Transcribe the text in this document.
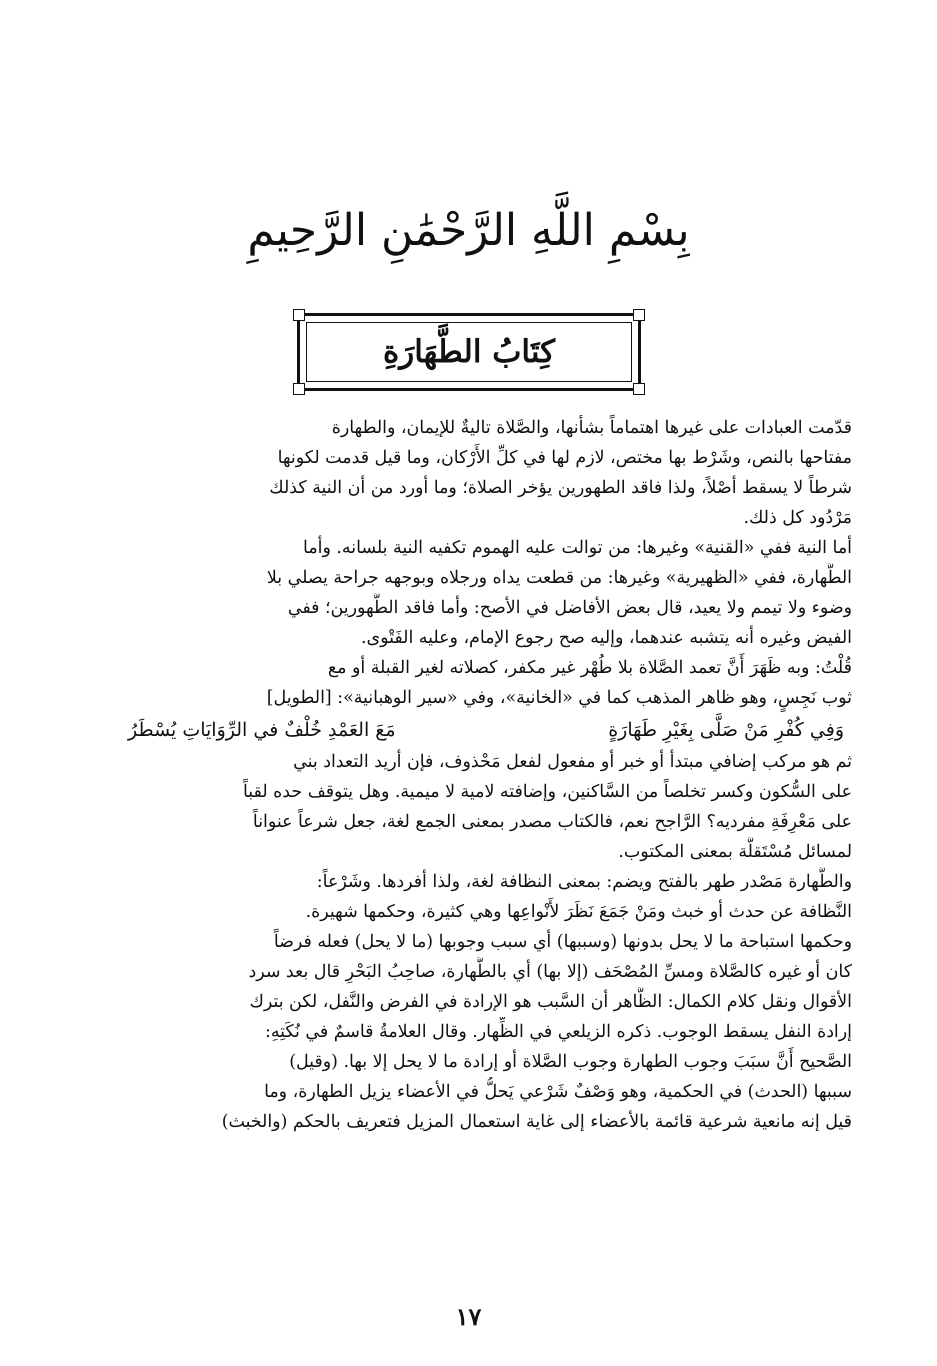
بِسْمِ اللَّهِ الرَّحْمَٰنِ الرَّحِيمِ
كِتَابُ الطَّهَارَةِ
قدّمت العبادات على غيرها اهتماماً بشأنها، والصَّلاة تاليةٌ للإيمان، والطهارة
مفتاحها بالنص، وشَرْط بها مختص، لازم لها في كلِّ الأَرْكان، وما قيل قدمت لكونها
شرطاً لا يسقط أصْلاً، ولذا فاقد الطهورين يؤخر الصلاة؛ وما أورد من أن النية كذلك
مَرْدُود كل ذلك.
أما النية ففي «القنية» وغيرها: من توالت عليه الهموم تكفيه النية بلسانه. وأما
الطَّهارة، ففي «الظهيرية» وغيرها: من قطعت يداه ورجلاه وبوجهه جراحة يصلي بلا
وضوء ولا تيمم ولا يعيد، قال بعض الأفاضل في الأصح: وأما فاقد الطَّهورين؛ ففي
الفيض وغيره أنه يتشبه عندهما، وإليه صح رجوع الإمام، وعليه الفَتْوى.
قُلْتُ: وبه ظَهَرَ أَنَّ تعمد الصَّلاة بلا طُهْر غير مكفر، كصلاته لغير القبلة أو مع
ثوب نَجِسٍ، وهو ظاهر المذهب كما في «الخانية»، وفي «سير الوهبانية»: [الطويل]
وَفِي كُفْرِ مَنْ صَلَّى بِغَيْرِ طَهَارَةٍ
مَعَ العَمْدِ خُلْفٌ في الرِّوَايَاتِ يُسْطَرُ
ثم هو مركب إضافي مبتدأ أو خبر أو مفعول لفعل مَحْذوف، فإن أريد التعداد بني
على السُّكون وكسر تخلصاً من السَّاكنين، وإضافته لامية لا ميمية. وهل يتوقف حده لقباً
على مَعْرِفَةِ مفرديه؟ الرَّاجح نعم، فالكتاب مصدر بمعنى الجمع لغة، جعل شرعاً عنواناً
لمسائل مُسْتَقلَّة بمعنى المكتوب.
والطَّهارة مَصْدر طهر بالفتح ويضم: بمعنى النظافة لغة، ولذا أفردها. وشَرْعاً:
النَّظافة عن حدث أو خبث ومَنْ جَمَعَ نَظَرَ لأَنْواعِها وهي كثيرة، وحكمها شهيرة.
وحكمها استباحة ما لا يحل بدونها (وسببها) أي سبب وجوبها (ما لا يحل) فعله فرضاً
كان أو غيره كالصَّلاة ومسِّ المُصْحَف (إلا بها) أي بالطَّهارة، صاحِبُ البَحْرِ قال بعد سرد
الأقوال ونقل كلام الكمال: الظَّاهر أن السَّبب هو الإرادة في الفرض والنَّفل، لكن بترك
إرادة النفل يسقط الوجوب. ذكره الزيلعي في الظِّهار. وقال العلامةُ قاسمٌ في نُكَتِهِ:
الصَّحيح أَنَّ سبَبَ وجوب الطهارة وجوب الصَّلاة أو إرادة ما لا يحل إلا بها. (وقيل)
سببها (الحدث) في الحكمية، وهو وَصْفٌ شَرْعي يَحلُّ في الأعضاء يزيل الطهارة، وما
قيل إنه مانعية شرعية قائمة بالأعضاء إلى غاية استعمال المزيل فتعريف بالحكم (والخبث)
١٧
